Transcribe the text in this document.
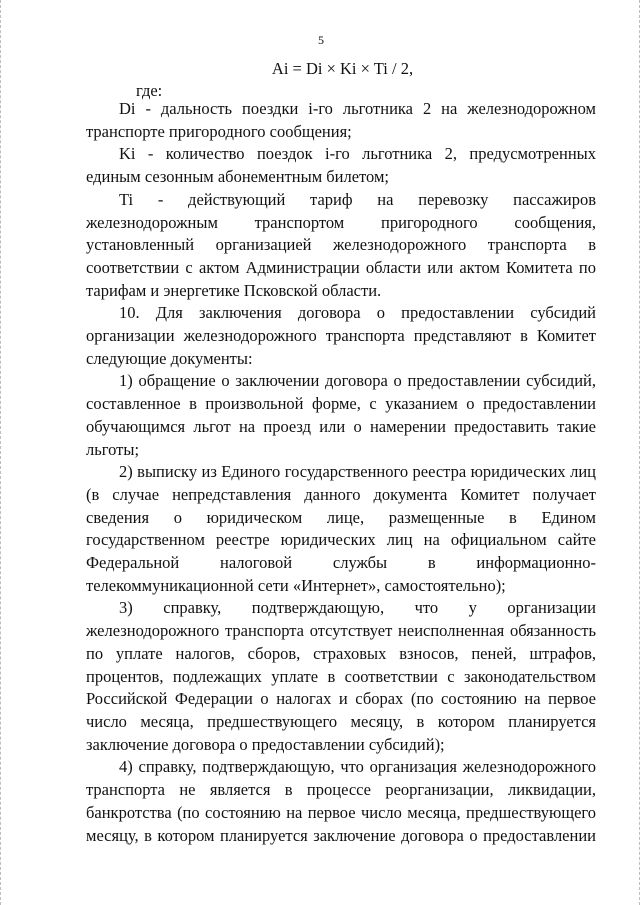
5
Ai = Di × Ki × Ti / 2,
где:

Di - дальность поездки i-го льготника 2 на железнодорожном транспорте пригородного сообщения;

Ki - количество поездок i-го льготника 2, предусмотренных единым сезонным абонементным билетом;

Ti - действующий тариф на перевозку пассажиров железнодорожным транспортом пригородного сообщения, установленный организацией железнодорожного транспорта в соответствии с актом Администрации области или актом Комитета по тарифам и энергетике Псковской области.

10. Для заключения договора о предоставлении субсидий организации железнодорожного транспорта представляют в Комитет следующие документы:

1) обращение о заключении договора о предоставлении субсидий, составленное в произвольной форме, с указанием о предоставлении обучающимся льгот на проезд или о намерении предоставить такие льготы;

2) выписку из Единого государственного реестра юридических лиц (в случае непредставления данного документа Комитет получает сведения о юридическом лице, размещенные в Едином государственном реестре юридических лиц на официальном сайте Федеральной налоговой службы в информационно-телекоммуникационной сети «Интернет», самостоятельно);

3) справку, подтверждающую, что у организации железнодорожного транспорта отсутствует неисполненная обязанность по уплате налогов, сборов, страховых взносов, пеней, штрафов, процентов, подлежащих уплате в соответствии с законодательством Российской Федерации о налогах и сборах (по состоянию на первое число месяца, предшествующего месяцу, в котором планируется заключение договора о предоставлении субсидий);

4) справку, подтверждающую, что организация железнодорожного транспорта не является в процессе реорганизации, ликвидации, банкротства (по состоянию на первое число месяца, предшествующего месяцу, в котором планируется заключение договора о предоставлении
